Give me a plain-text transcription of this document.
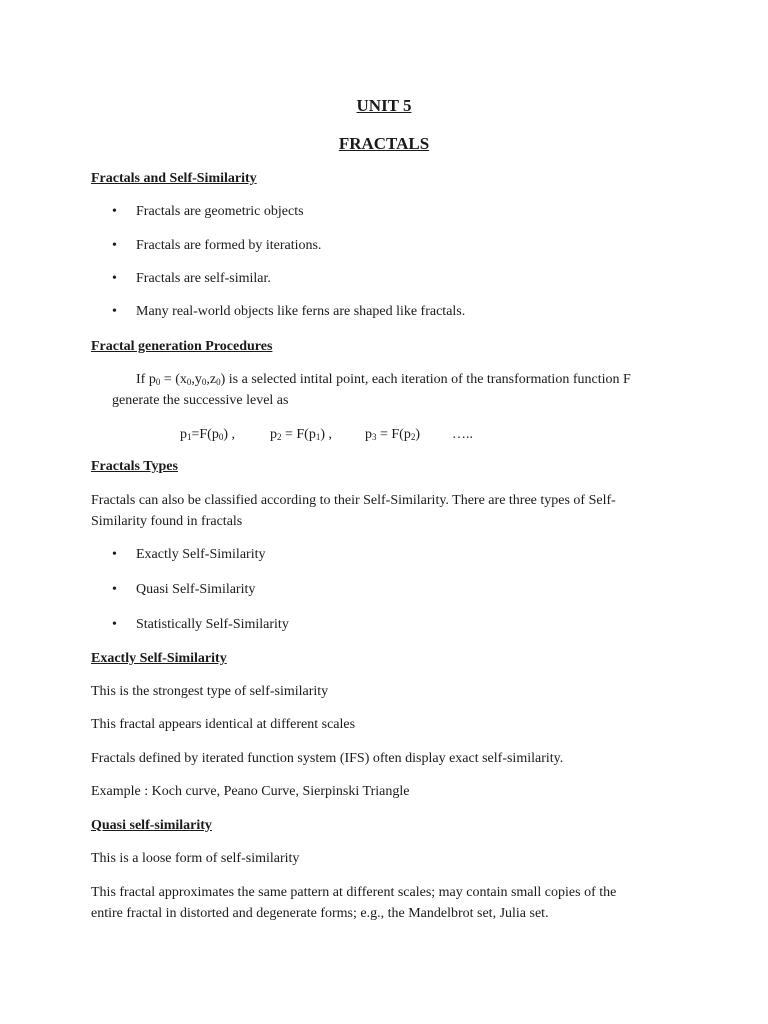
UNIT 5
FRACTALS
Fractals and Self-Similarity
• Fractals are geometric objects
• Fractals are formed by iterations.
• Fractals are self-similar.
• Many real-world objects like ferns are shaped like fractals.
Fractal generation Procedures
If $p_0 = (x_0,y_0,z_0)$ is a selected intital point, each iteration of the transformation function F
generate the successive level as
$p_1=F(p_0)$ , $p_2 = F(p_1)$ , $p_3 = F(p_2)$ …..
Fractals Types
Fractals can also be classified according to their Self-Similarity. There are three types of Self-
Similarity found in fractals
• Exactly Self-Similarity
• Quasi Self-Similarity
• Statistically Self-Similarity
Exactly Self-Similarity
This is the strongest type of self-similarity
This fractal appears identical at different scales
Fractals defined by iterated function system (IFS) often display exact self-similarity.
Example : Koch curve, Peano Curve, Sierpinski Triangle
Quasi self-similarity
This is a loose form of self-similarity
This fractal approximates the same pattern at different scales; may contain small copies of the
entire fractal in distorted and degenerate forms; e.g., the Mandelbrot set, Julia set.
